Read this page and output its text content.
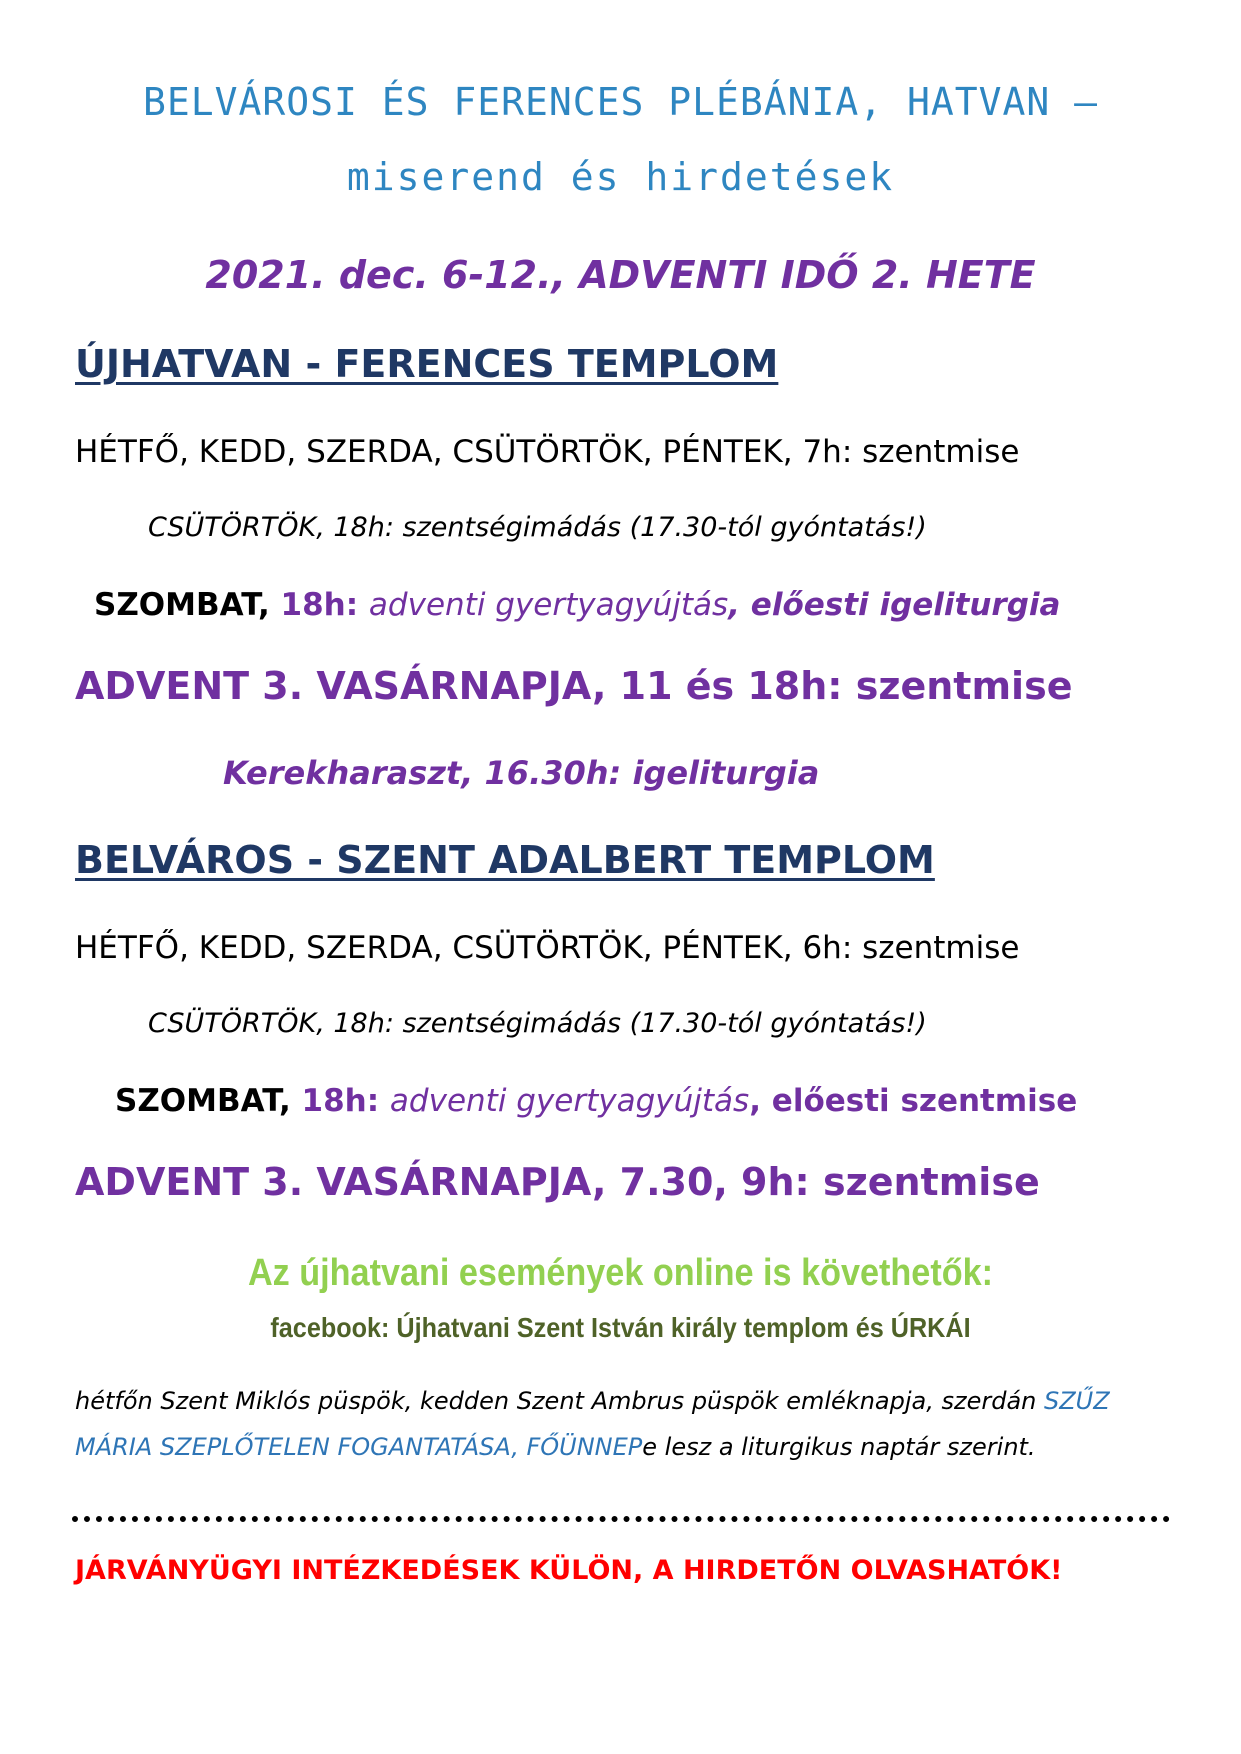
BELVÁROSI ÉS FERENCES PLÉBÁNIA, HATVAN –
miserend és hirdetések
2021. dec. 6-12., ADVENTI IDŐ 2. HETE
ÚJHATVAN - FERENCES TEMPLOM
HÉTFŐ, KEDD, SZERDA, CSÜTÖRTÖK, PÉNTEK, 7h: szentmise
CSÜTÖRTÖK, 18h: szentségimádás (17.30-tól gyóntatás!)
SZOMBAT, 18h: adventi gyertyagyújtás, előesti igeliturgia
ADVENT 3. VASÁRNAPJA, 11 és 18h: szentmise
Kerekharaszt, 16.30h: igeliturgia
BELVÁROS - SZENT ADALBERT TEMPLOM
HÉTFŐ, KEDD, SZERDA, CSÜTÖRTÖK, PÉNTEK, 6h: szentmise
CSÜTÖRTÖK, 18h: szentségimádás (17.30-tól gyóntatás!)
SZOMBAT, 18h: adventi gyertyagyújtás, előesti szentmise
ADVENT 3. VASÁRNAPJA, 7.30, 9h: szentmise
Az újhatvani események online is követhetők:
facebook: Újhatvani Szent István király templom és ÚRKÁI
hétfőn Szent Miklós püspök, kedden Szent Ambrus püspök emléknapja, szerdán SZŰZ MÁRIA SZEPLŐTELEN FOGANTATÁSA, FŐÜNNEPe lesz a liturgikus naptár szerint.
JÁRVÁNYÜGYI INTÉZKEDÉSEK KÜLÖN, A HIRDETŐN OLVASHATÓK!
